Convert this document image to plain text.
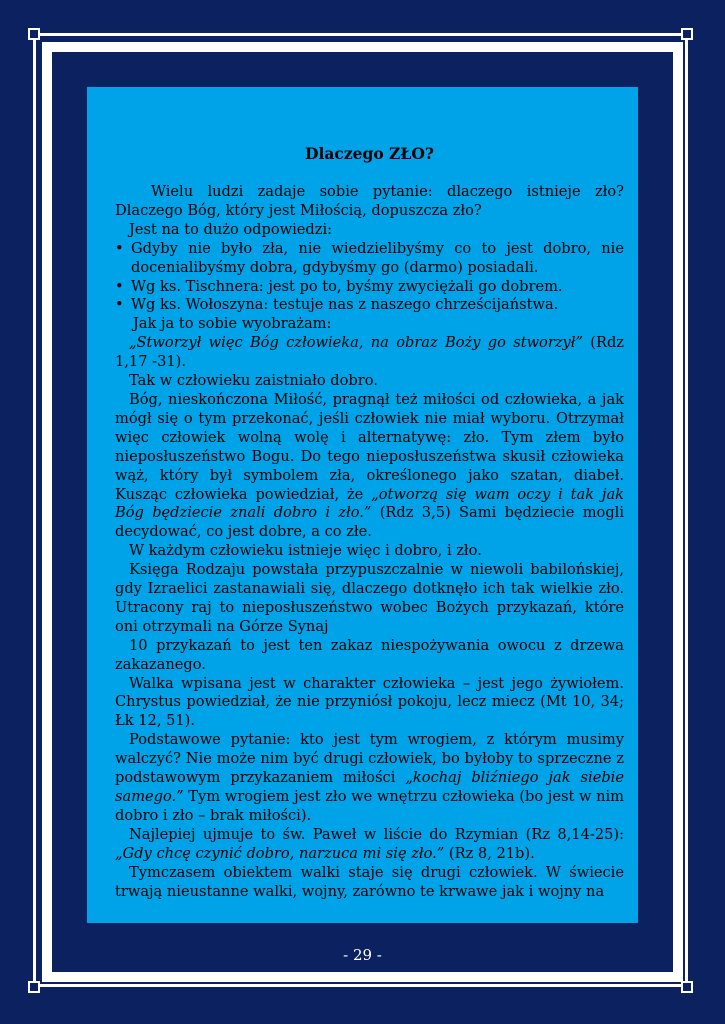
Dlaczego ZŁO?

Wielu ludzi zadaje sobie pytanie: dlaczego istnieje zło? Dlaczego Bóg, który jest Miłością, dopuszcza zło?

Jest na to dużo odpowiedzi:

• Gdyby nie było zła, nie wiedzielibyśmy co to jest dobro, nie docenialibyśmy dobra, gdybyśmy go (darmo) posiadali.

• Wg ks. Tischnera: jest po to, byśmy zwyciężali go dobrem.

• Wg ks. Wołoszyna: testuje nas z naszego chrześcijaństwa.

Jak ja to sobie wyobrażam:

„Stworzył więc Bóg człowieka, na obraz Boży go stworzył” (Rdz 1,17 -31).

Tak w człowieku zaistniało dobro.

Bóg, nieskończona Miłość, pragnął też miłości od człowieka, a jak mógł się o tym przekonać, jeśli człowiek nie miał wyboru. Otrzymał więc człowiek wolną wolę i alternatywę: zło. Tym złem było nieposłuszeństwo Bogu. Do tego nieposłuszeństwa skusił człowieka wąż, który był symbolem zła, określonego jako szatan, diabeł. Kusząc człowieka powiedział, że „otworzą się wam oczy i tak jak Bóg będziecie znali dobro i zło.” (Rdz 3,5) Sami będziecie mogli decydować, co jest dobre, a co złe.

W każdym człowieku istnieje więc i dobro, i zło.

Księga Rodzaju powstała przypuszczalnie w niewoli babilońskiej, gdy Izraelici zastanawiali się, dlaczego dotknęło ich tak wielkie zło. Utracony raj to nieposłuszeństwo wobec Bożych przykazań, które oni otrzymali na Górze Synaj

10 przykazań to jest ten zakaz niespożywania owocu z drzewa zakazanego.

Walka wpisana jest w charakter człowieka – jest jego żywiołem. Chrystus powiedział, że nie przyniósł pokoju, lecz miecz (Mt 10, 34; Łk 12, 51).

Podstawowe pytanie: kto jest tym wrogiem, z którym musimy walczyć? Nie może nim być drugi człowiek, bo byłoby to sprzeczne z podstawowym przykazaniem miłości „kochaj bliźniego jak siebie samego.” Tym wrogiem jest zło we wnętrzu człowieka (bo jest w nim dobro i zło – brak miłości).

Najlepiej ujmuje to św. Paweł w liście do Rzymian (Rz 8,14-25): „Gdy chcę czynić dobro, narzuca mi się zło.” (Rz 8, 21b).

Tymczasem obiektem walki staje się drugi człowiek. W świecie trwają nieustanne walki, wojny, zarówno te krwawe jak i wojny na

- 29 -
